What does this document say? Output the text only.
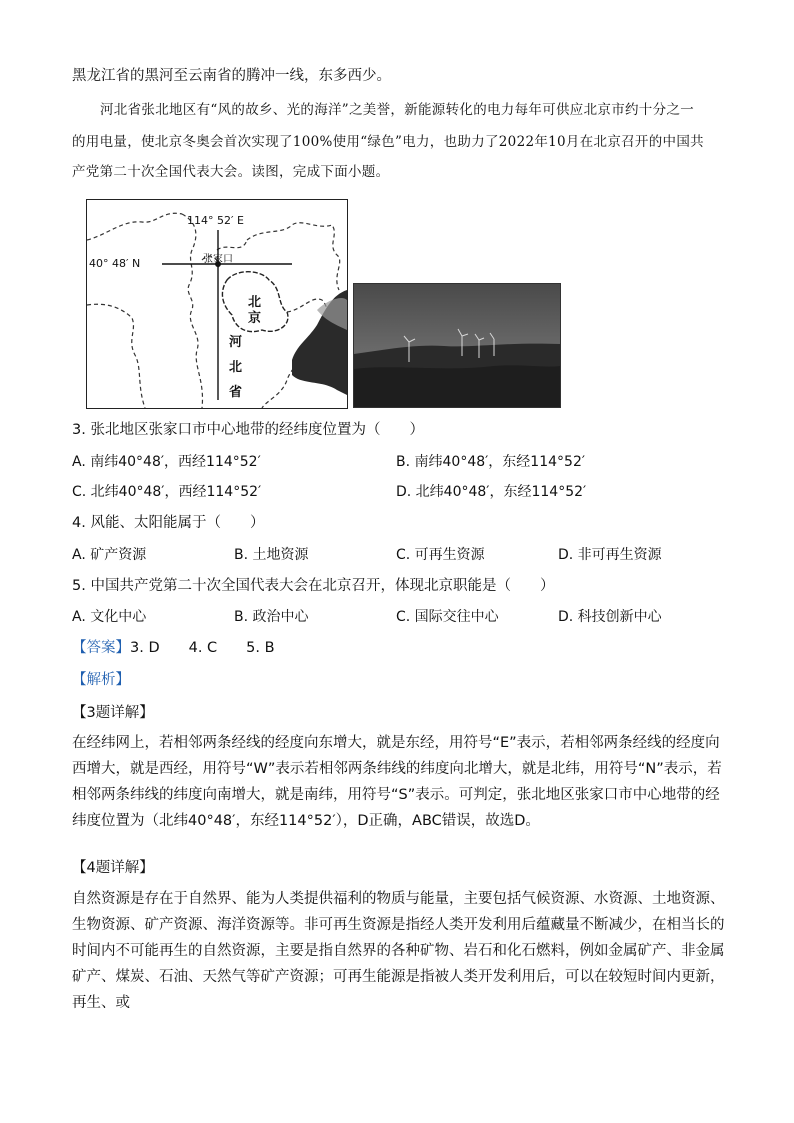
黑龙江省的黑河至云南省的腾冲一线，东多西少。
河北省张北地区有“风的故乡、光的海洋”之美誉，新能源转化的电力每年可供应北京市约十分之一
的用电量，使北京冬奥会首次实现了100%使用“绿色”电力，也助力了2022年10月在北京召开的中国共
产党第二十次全国代表大会。读图，完成下面小题。
114° 52′ E
40° 48′ N	张家口
北
京
河
北
省
3. 张北地区张家口市中心地带的经纬度位置为（　　）
A. 南纬40°48′，西经114°52′	B. 南纬40°48′，东经114°52′
C. 北纬40°48′，西经114°52′	D. 北纬40°48′，东经114°52′
4. 风能、太阳能属于（　　）
A. 矿产资源	B. 土地资源	C. 可再生资源	D. 非可再生资源
5. 中国共产党第二十次全国代表大会在北京召开，体现北京职能是（　　）
A. 文化中心	B. 政治中心	C. 国际交往中心	D. 科技创新中心
【答案】3. D　　4. C　　5. B
【解析】
【3题详解】
在经纬网上，若相邻两条经线的经度向东增大，就是东经，用符号“E”表示，若相邻两条经线的经度向西增大，就是西经，用符号“W”表示若相邻两条纬线的纬度向北增大，就是北纬，用符号“N”表示，若相邻两条纬线的纬度向南增大，就是南纬，用符号“S”表示。可判定，张北地区张家口市中心地带的经纬度位置为（北纬40°48′，东经114°52′），D正确，ABC错误，故选D。
【4题详解】
自然资源是存在于自然界、能为人类提供福利的物质与能量，主要包括气候资源、水资源、土地资源、生物资源、矿产资源、海洋资源等。非可再生资源是指经人类开发利用后蕴藏量不断减少，在相当长的时间内不可能再生的自然资源，主要是指自然界的各种矿物、岩石和化石燃料，例如金属矿产、非金属矿产、煤炭、石油、天然气等矿产资源；可再生能源是指被人类开发利用后，可以在较短时间内更新，再生、或
